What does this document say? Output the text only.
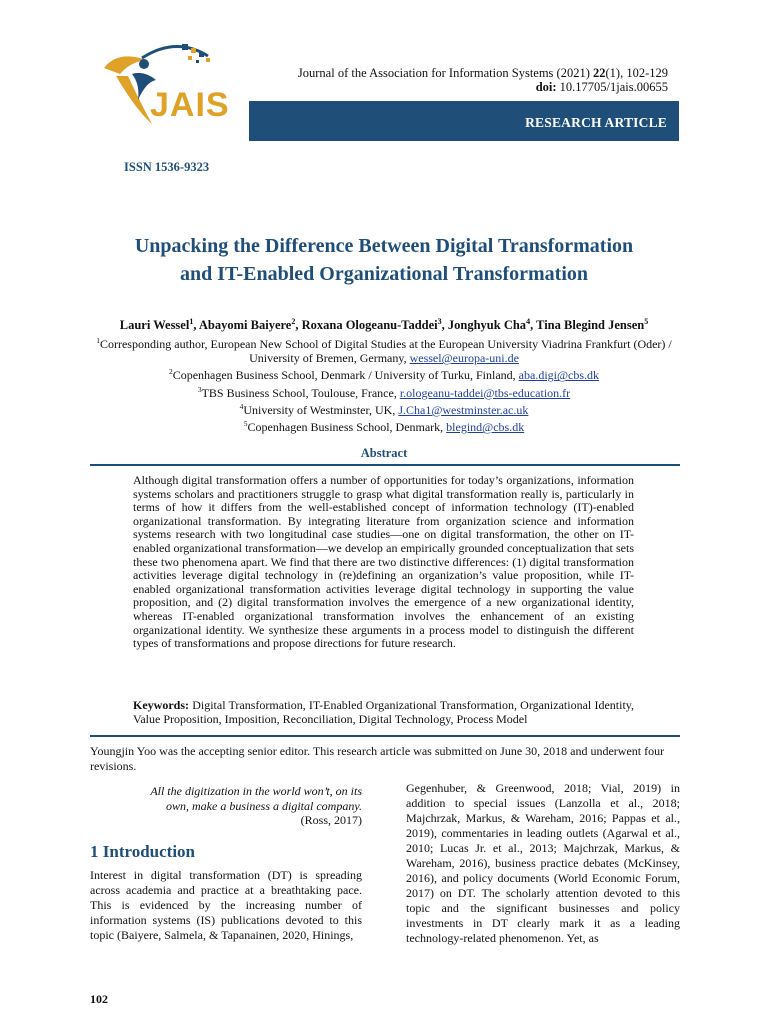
JAIS
Journal of the Association for Information Systems (2021) 22(1), 102-129
doi: 10.17705/1jais.00655
RESEARCH ARTICLE
ISSN 1536-9323
Unpacking the Difference Between Digital Transformation
and IT-Enabled Organizational Transformation
Lauri Wessel$^1$, Abayomi Baiyere$^2$, Roxana Ologeanu-Taddei$^3$, Jonghyuk Cha$^4$, Tina Blegind Jensen$^5$
$^1$Corresponding author, European New School of Digital Studies at the European University Viadrina Frankfurt (Oder) /
University of Bremen, Germany, wessel@europa-uni.de
$^2$Copenhagen Business School, Denmark / University of Turku, Finland, aba.digi@cbs.dk
$^3$TBS Business School, Toulouse, France, r.ologeanu-taddei@tbs-education.fr
$^4$University of Westminster, UK, J.Cha1@westminster.ac.uk
$^5$Copenhagen Business School, Denmark, blegind@cbs.dk
Abstract
Although digital transformation offers a number of opportunities for today’s organizations, information systems scholars and practitioners struggle to grasp what digital transformation really is, particularly in terms of how it differs from the well-established concept of information technology (IT)-enabled organizational transformation. By integrating literature from organization science and information systems research with two longitudinal case studies—one on digital transformation, the other on IT-enabled organizational transformation—we develop an empirically grounded conceptualization that sets these two phenomena apart. We find that there are two distinctive differences: (1) digital transformation activities leverage digital technology in (re)defining an organization’s value proposition, while IT-enabled organizational transformation activities leverage digital technology in supporting the value proposition, and (2) digital transformation involves the emergence of a new organizational identity, whereas IT-enabled organizational transformation involves the enhancement of an existing organizational identity. We synthesize these arguments in a process model to distinguish the different types of transformations and propose directions for future research.
Keywords: Digital Transformation, IT-Enabled Organizational Transformation, Organizational Identity, Value Proposition, Imposition, Reconciliation, Digital Technology, Process Model
Youngjin Yoo was the accepting senior editor. This research article was submitted on June 30, 2018 and underwent four revisions.
All the digitization in the world won’t, on its
own, make a business a digital company.
(Ross, 2017)
1 Introduction
Interest in digital transformation (DT) is spreading across academia and practice at a breathtaking pace. This is evidenced by the increasing number of information systems (IS) publications devoted to this topic (Baiyere, Salmela, & Tapanainen, 2020, Hinings,
Gegenhuber, & Greenwood, 2018; Vial, 2019) in addition to special issues (Lanzolla et al., 2018; Majchrzak, Markus, & Wareham, 2016; Pappas et al., 2019), commentaries in leading outlets (Agarwal et al., 2010; Lucas Jr. et al., 2013; Majchrzak, Markus, & Wareham, 2016), business practice debates (McKinsey, 2016), and policy documents (World Economic Forum, 2017) on DT. The scholarly attention devoted to this topic and the significant businesses and policy investments in DT clearly mark it as a leading technology-related phenomenon. Yet, as
102
